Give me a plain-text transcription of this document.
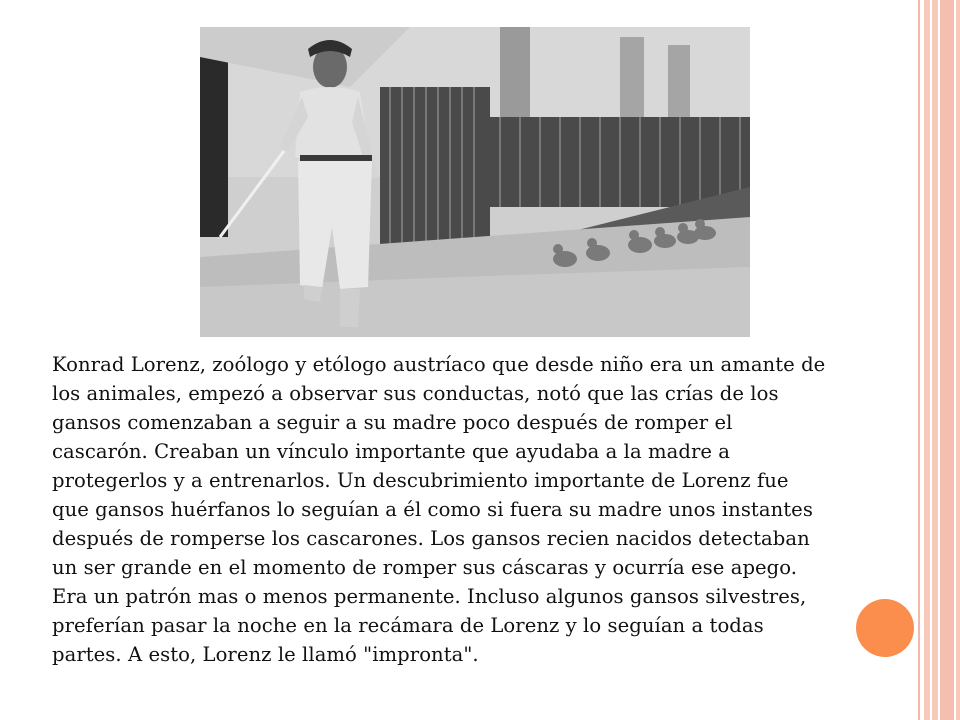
Konrad Lorenz, zoólogo y etólogo austríaco que desde niño era un amante de
los animales, empezó a observar sus conductas, notó que las crías de los
gansos comenzaban a seguir a su madre poco después de romper el
cascarón. Creaban un vínculo importante que ayudaba a la madre a
protegerlos y a entrenarlos. Un descubrimiento importante de Lorenz fue
que gansos huérfanos lo seguían a él como si fuera su madre unos instantes
después de romperse los cascarones. Los gansos recien nacidos detectaban
un ser grande en el momento de romper sus cáscaras y ocurría ese apego.
Era un patrón mas o menos permanente. Incluso algunos gansos silvestres,
preferían pasar la noche en la recámara de Lorenz y lo seguían a todas
partes. A esto, Lorenz le llamó "impronta".
